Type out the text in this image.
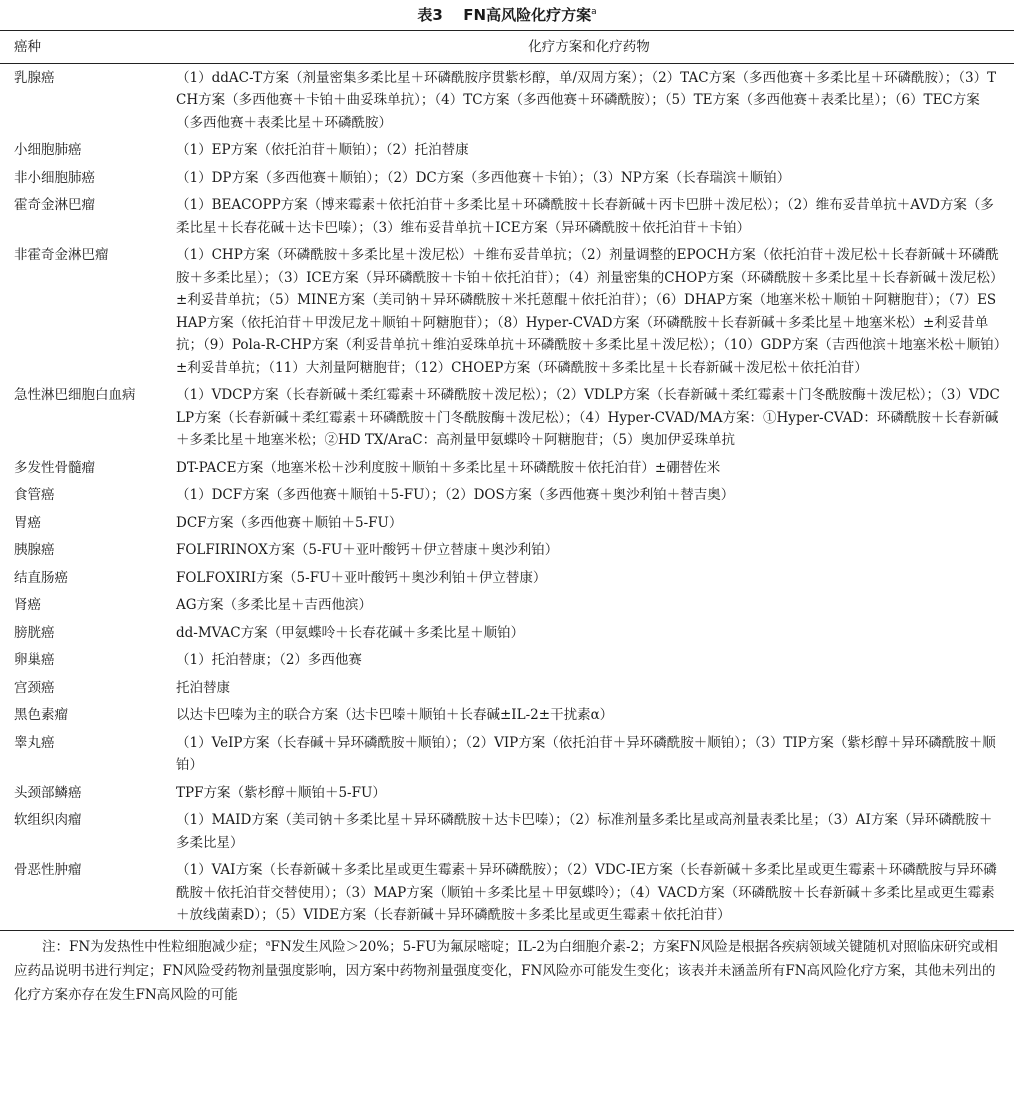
表3 FN高风险化疗方案$^a$
癌种	化疗方案和化疗药物
乳腺癌	（1）ddAC-T方案（剂量密集多柔比星＋环磷酰胺序贯紫杉醇，单/双周方案）；（2）TAC方案（多西他赛＋多柔比星＋环磷酰胺）；（3）TCH方案（多西他赛＋卡铂＋曲妥珠单抗）；（4）TC方案（多西他赛＋环磷酰胺）；（5）TE方案（多西他赛＋表柔比星）；（6）TEC方案（多西他赛＋表柔比星＋环磷酰胺）
小细胞肺癌	（1）EP方案（依托泊苷＋顺铂）；（2）托泊替康
非小细胞肺癌	（1）DP方案（多西他赛＋顺铂）；（2）DC方案（多西他赛＋卡铂）；（3）NP方案（长春瑞滨＋顺铂）
霍奇金淋巴瘤	（1）BEACOPP方案（博来霉素＋依托泊苷＋多柔比星＋环磷酰胺＋长春新碱＋丙卡巴肼＋泼尼松）；（2）维布妥昔单抗＋AVD方案（多柔比星＋长春花碱＋达卡巴嗪）；（3）维布妥昔单抗＋ICE方案（异环磷酰胺＋依托泊苷＋卡铂）
非霍奇金淋巴瘤	（1）CHP方案（环磷酰胺＋多柔比星＋泼尼松）＋维布妥昔单抗；（2）剂量调整的EPOCH方案（依托泊苷＋泼尼松＋长春新碱＋环磷酰胺＋多柔比星）；（3）ICE方案（异环磷酰胺＋卡铂＋依托泊苷）；（4）剂量密集的CHOP方案（环磷酰胺＋多柔比星＋长春新碱＋泼尼松）±利妥昔单抗；（5）MINE方案（美司钠＋异环磷酰胺＋米托蒽醌＋依托泊苷）；（6）DHAP方案（地塞米松＋顺铂＋阿糖胞苷）；（7）ESHAP方案（依托泊苷＋甲泼尼龙＋顺铂＋阿糖胞苷）；（8）Hyper-CVAD方案（环磷酰胺＋长春新碱＋多柔比星＋地塞米松）±利妥昔单抗；（9）Pola-R-CHP方案（利妥昔单抗＋维泊妥珠单抗＋环磷酰胺＋多柔比星＋泼尼松）；（10）GDP方案（吉西他滨＋地塞米松＋顺铂）±利妥昔单抗；（11）大剂量阿糖胞苷；（12）CHOEP方案（环磷酰胺＋多柔比星＋长春新碱＋泼尼松＋依托泊苷）
急性淋巴细胞白血病	（1）VDCP方案（长春新碱＋柔红霉素＋环磷酰胺＋泼尼松）；（2）VDLP方案（长春新碱＋柔红霉素＋门冬酰胺酶＋泼尼松）；（3）VDCLP方案（长春新碱＋柔红霉素＋环磷酰胺＋门冬酰胺酶＋泼尼松）；（4）Hyper-CVAD/MA方案：①Hyper-CVAD：环磷酰胺＋长春新碱＋多柔比星＋地塞米松；②HD TX/AraC：高剂量甲氨蝶呤＋阿糖胞苷；（5）奥加伊妥珠单抗
多发性骨髓瘤	DT-PACE方案（地塞米松＋沙利度胺＋顺铂＋多柔比星＋环磷酰胺＋依托泊苷）±硼替佐米
食管癌	（1）DCF方案（多西他赛＋顺铂＋5-FU）；（2）DOS方案（多西他赛＋奥沙利铂＋替吉奥）
胃癌	DCF方案（多西他赛＋顺铂＋5-FU）
胰腺癌	FOLFIRINOX方案（5-FU＋亚叶酸钙＋伊立替康＋奥沙利铂）
结直肠癌	FOLFOXIRI方案（5-FU＋亚叶酸钙＋奥沙利铂＋伊立替康）
肾癌	AG方案（多柔比星＋吉西他滨）
膀胱癌	dd-MVAC方案（甲氨蝶呤＋长春花碱＋多柔比星＋顺铂）
卵巢癌	（1）托泊替康；（2）多西他赛
宫颈癌	托泊替康
黑色素瘤	以达卡巴嗪为主的联合方案（达卡巴嗪＋顺铂＋长春碱±IL-2±干扰素α）
睾丸癌	（1）VeIP方案（长春碱＋异环磷酰胺＋顺铂）；（2）VIP方案（依托泊苷＋异环磷酰胺＋顺铂）；（3）TIP方案（紫杉醇＋异环磷酰胺＋顺铂）
头颈部鳞癌	TPF方案（紫杉醇＋顺铂＋5-FU）
软组织肉瘤	（1）MAID方案（美司钠＋多柔比星＋异环磷酰胺＋达卡巴嗪）；（2）标准剂量多柔比星或高剂量表柔比星；（3）AI方案（异环磷酰胺＋多柔比星）
骨恶性肿瘤	（1）VAI方案（长春新碱＋多柔比星或更生霉素＋异环磷酰胺）；（2）VDC-IE方案（长春新碱＋多柔比星或更生霉素＋环磷酰胺与异环磷酰胺＋依托泊苷交替使用）；（3）MAP方案（顺铂＋多柔比星＋甲氨蝶呤）；（4）VACD方案（环磷酰胺＋长春新碱＋多柔比星或更生霉素＋放线菌素D）；（5）VIDE方案（长春新碱＋异环磷酰胺＋多柔比星或更生霉素＋依托泊苷）
注：FN为发热性中性粒细胞减少症；$^a$FN发生风险＞20%；5-FU为氟尿嘧啶；IL-2为白细胞介素-2；方案FN风险是根据各疾病领域关键随机对照临床研究或相应药品说明书进行判定；FN风险受药物剂量强度影响，因方案中药物剂量强度变化，FN风险亦可能发生变化；该表并未涵盖所有FN高风险化疗方案，其他未列出的化疗方案亦存在发生FN高风险的可能
